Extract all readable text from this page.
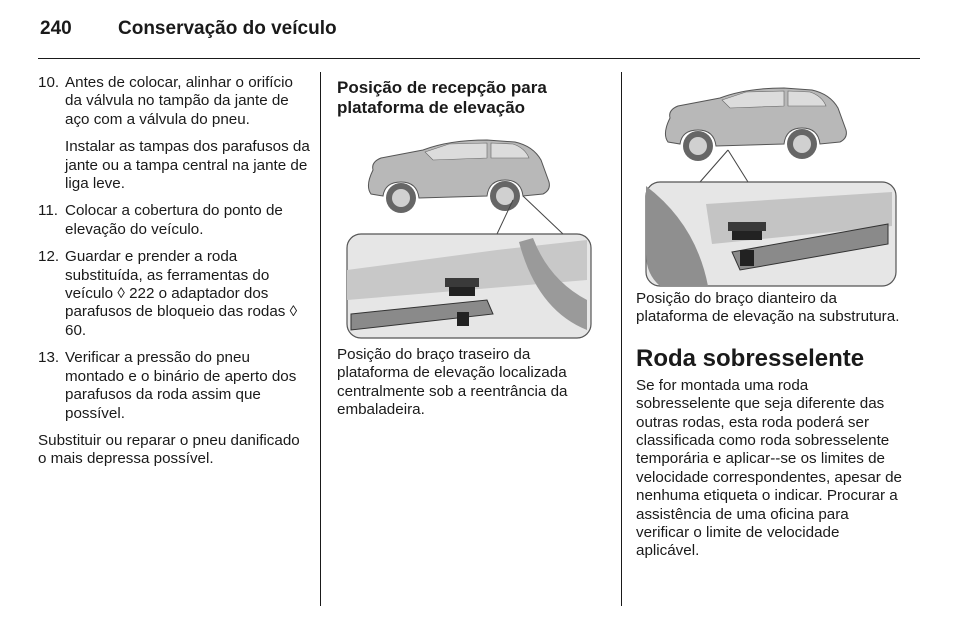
240	Conservação do veículo
10. Antes de colocar, alinhar o orifício da válvula no tampão da jante de aço com a válvula do pneu.

Instalar as tampas dos parafusos da jante ou a tampa central na jante de liga leve.

11. Colocar a cobertura do ponto de elevação do veículo.

12. Guardar e prender a roda substituída, as ferramentas do veículo ◊ 222 o adaptador dos parafusos de bloqueio das rodas ◊ 60.

13. Verificar a pressão do pneu montado e o binário de aperto dos parafusos da roda assim que possível.

Substituir ou reparar o pneu danificado o mais depressa possível.

Posição de recepção para plataforma de elevação

Posição do braço traseiro da plataforma de elevação localizada centralmente sob a reentrância da embaladeira.

Posição do braço dianteiro da plataforma de elevação na substrutura.

Roda sobresselente

Se for montada uma roda sobresselente que seja diferente das outras rodas, esta roda poderá ser classificada como roda sobresselente temporária e aplicar--se os limites de velocidade correspondentes, apesar de nenhuma etiqueta o indicar. Procurar a assistência de uma oficina para verificar o limite de velocidade aplicável.
